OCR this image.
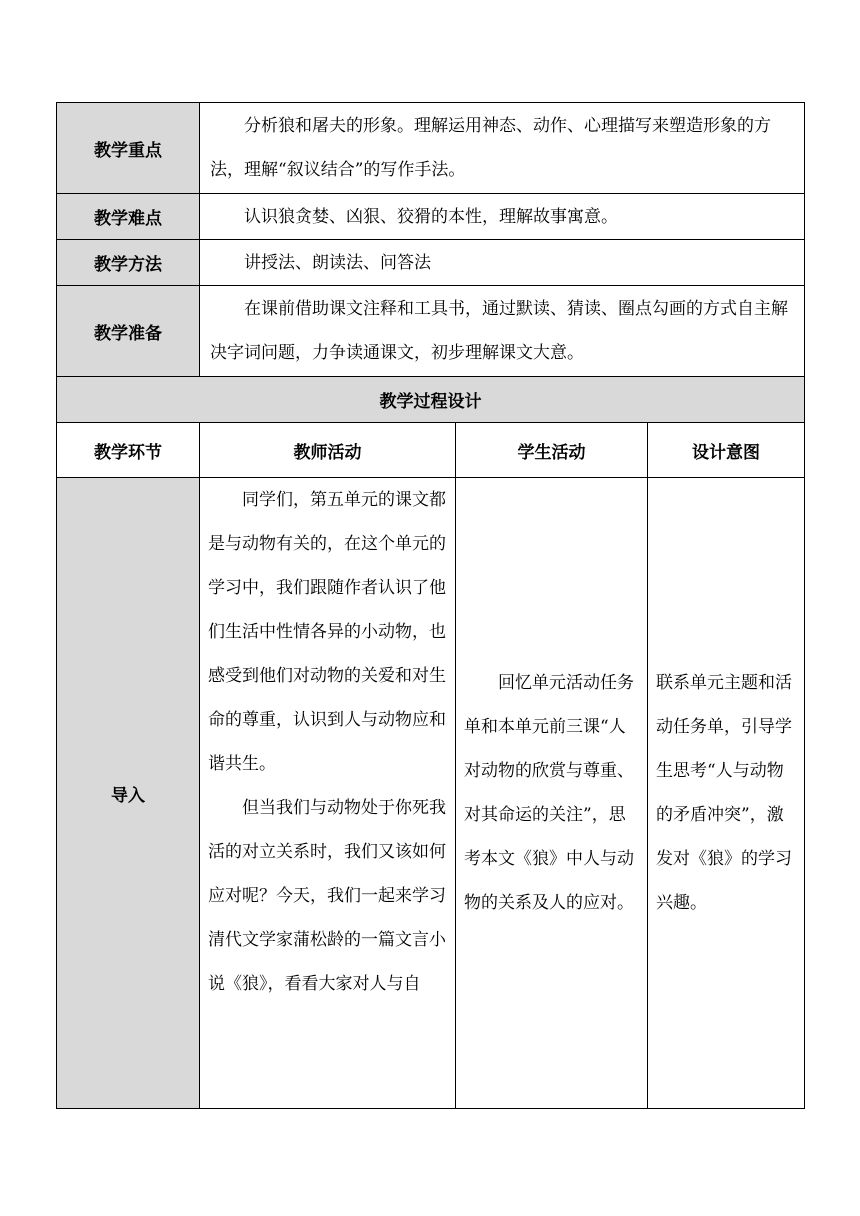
教学重点	分析狼和屠夫的形象。理解运用神态、动作、心理描写来塑造形象的方法，理解“叙议结合”的写作手法。		
教学难点	认识狼贪婪、凶狠、狡猾的本性，理解故事寓意。		
教学方法	讲授法、朗读法、问答法		
教学准备	在课前借助课文注释和工具书，通过默读、猜读、圈点勾画的方式自主解决字词问题，力争读通课文，初步理解课文大意。		
教学过程设计			
教学环节	教师活动	学生活动	设计意图
导入	同学们，第五单元的课文都是与动物有关的，在这个单元的学习中，我们跟随作者认识了他们生活中性情各异的小动物，也感受到他们对动物的关爱和对生命的尊重，认识到人与动物应和谐共生。

但当我们与动物处于你死我活的对立关系时，我们又该如何应对呢？今天，我们一起来学习清代文学家蒲松龄的一篇文言小说《狼》，看看大家对人与自	回忆单元活动任务单和本单元前三课“人对动物的欣赏与尊重、对其命运的关注”，思考本文《狼》中人与动物的关系及人的应对。	联系单元主题和活动任务单，引导学生思考“人与动物的矛盾冲突”，激发对《狼》的学习兴趣。
